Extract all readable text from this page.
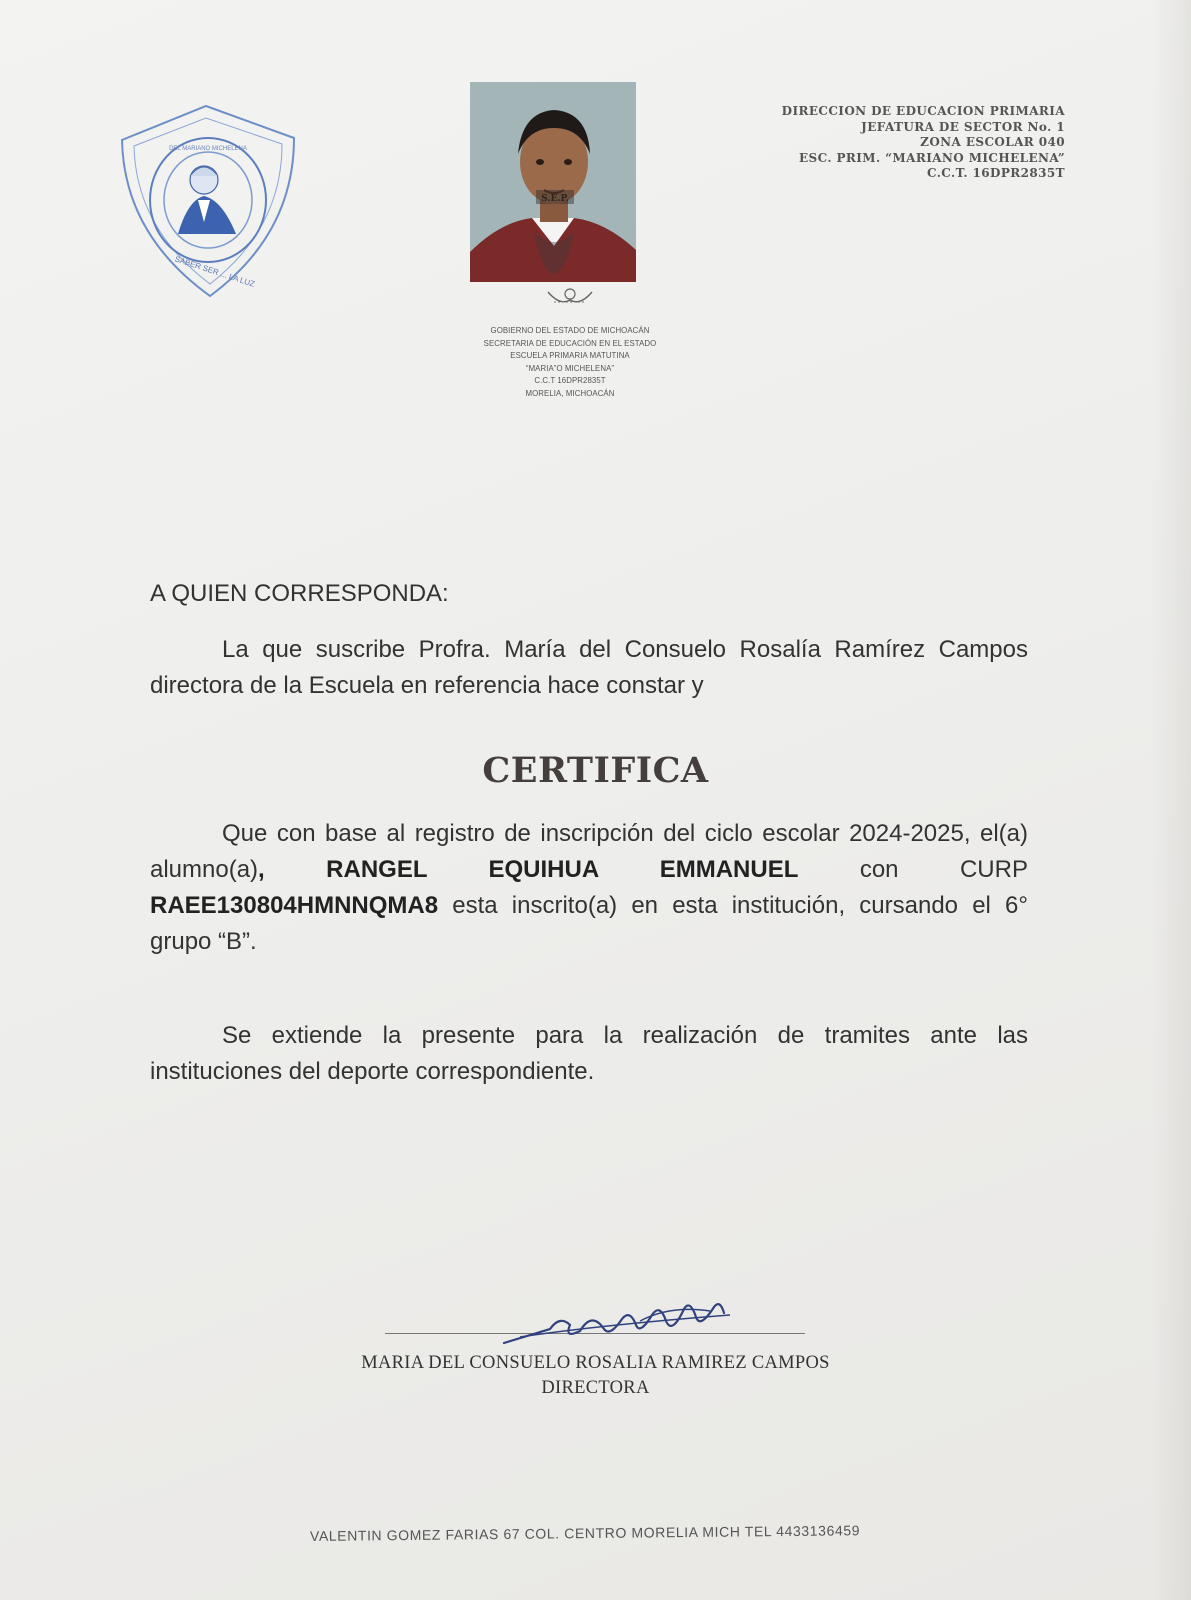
DEL MARIANO MICHELENA
SABER SER ... LA LUZ
S.E.P.
GOBIERNO DEL ESTADO DE MICHOACÁN
SECRETARIA DE EDUCACIÓN EN EL ESTADO
ESCUELA PRIMARIA MATUTINA
“MARIA”O MICHELENA”
C.C.T 16DPR2835T
MORELIA, MICHOACÁN
DIRECCION DE EDUCACION PRIMARIA
JEFATURA DE SECTOR No. 1
ZONA ESCOLAR 040
ESC. PRIM. “MARIANO MICHELENA”
C.C.T. 16DPR2835T
A QUIEN CORRESPONDA:
La que suscribe Profra. María del Consuelo Rosalía Ramírez Campos directora de la Escuela en referencia hace constar y
CERTIFICA
Que con base al registro de inscripción del ciclo escolar 2024-2025, el(a) alumno(a), RANGEL EQUIHUA EMMANUEL con CURP RAEE130804HMNNQMA8 esta inscrito(a) en esta institución, cursando el 6° grupo “B”.
Se extiende la presente para la realización de tramites ante las instituciones del deporte correspondiente.
MARIA DEL CONSUELO ROSALIA RAMIREZ CAMPOS
DIRECTORA
VALENTIN GOMEZ FARIAS 67 COL. CENTRO MORELIA MICH TEL 4433136459
